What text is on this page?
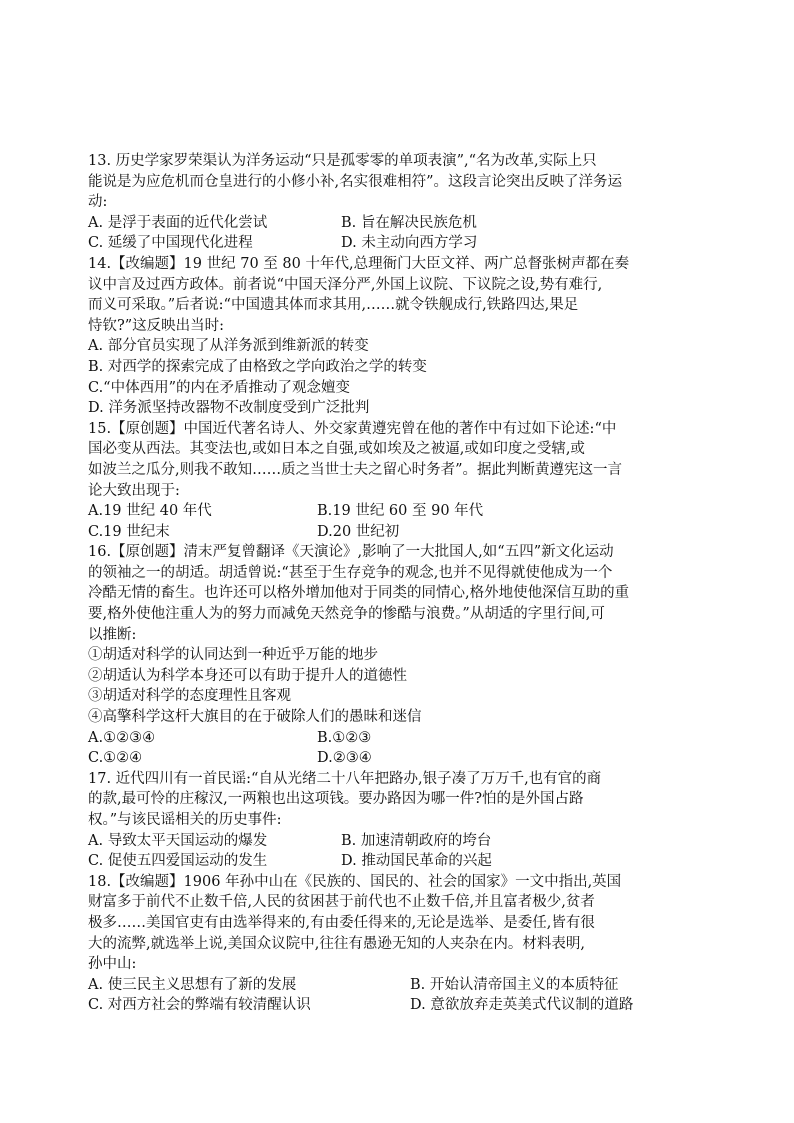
13. 历史学家罗荣渠认为洋务运动“只是孤零零的单项表演”,“名为改革,实际上只
能说是为应危机而仓皇进行的小修小补,名实很难相符”。这段言论突出反映了洋务运
动:
A. 是浮于表面的近代化尝试	B. 旨在解决民族危机
C. 延缓了中国现代化进程	D. 未主动向西方学习
14.【改编题】19 世纪 70 至 80 十年代,总理衙门大臣文祥、两广总督张树声都在奏
议中言及过西方政体。前者说“中国天泽分严,外国上议院、下议院之设,势有难行,
而义可采取。”后者说:“中国遗其体而求其用,……就令铁舰成行,铁路四达,果足
恃钦?”这反映出当时:
A. 部分官员实现了从洋务派到维新派的转变
B. 对西学的探索完成了由格致之学向政治之学的转变
C.“中体西用”的内在矛盾推动了观念嬗变
D. 洋务派坚持改器物不改制度受到广泛批判
15.【原创题】中国近代著名诗人、外交家黄遵宪曾在他的著作中有过如下论述:“中
国必变从西法。其变法也,或如日本之自强,或如埃及之被逼,或如印度之受辖,或
如波兰之瓜分,则我不敢知……质之当世士夫之留心时务者”。据此判断黄遵宪这一言
论大致出现于:
A.19 世纪 40 年代	B.19 世纪 60 至 90 年代
C.19 世纪末	D.20 世纪初
16.【原创题】清末严复曾翻译《天演论》,影响了一大批国人,如“五四”新文化运动
的领袖之一的胡适。胡适曾说:“甚至于生存竞争的观念,也并不见得就使他成为一个
冷酷无情的畜生。也许还可以格外增加他对于同类的同情心,格外地使他深信互助的重
要,格外使他注重人为的努力而减免天然竞争的惨酷与浪费。”从胡适的字里行间,可
以推断:
①胡适对科学的认同达到一种近乎万能的地步
②胡适认为科学本身还可以有助于提升人的道德性
③胡适对科学的态度理性且客观
④高擎科学这杆大旗目的在于破除人们的愚昧和迷信
A.①②③④	B.①②③
C.①②④	D.②③④
17. 近代四川有一首民谣:“自从光绪二十八年把路办,银子凑了万万千,也有官的商
的款,最可怜的庄稼汉,一两粮也出这项钱。要办路因为哪一件?怕的是外国占路
权。”与该民谣相关的历史事件:
A. 导致太平天国运动的爆发	B. 加速清朝政府的垮台
C. 促使五四爱国运动的发生	D. 推动国民革命的兴起
18.【改编题】1906 年孙中山在《民族的、国民的、社会的国家》一文中指出,英国
财富多于前代不止数千倍,人民的贫困甚于前代也不止数千倍,并且富者极少,贫者
极多……美国官吏有由选举得来的,有由委任得来的,无论是选举、是委任,皆有很
大的流弊,就选举上说,美国众议院中,往往有愚逊无知的人夹杂在内。材料表明,
孙中山:
A. 使三民主义思想有了新的发展	B. 开始认清帝国主义的本质特征
C. 对西方社会的弊端有较清醒认识	D. 意欲放弃走英美式代议制的道路
